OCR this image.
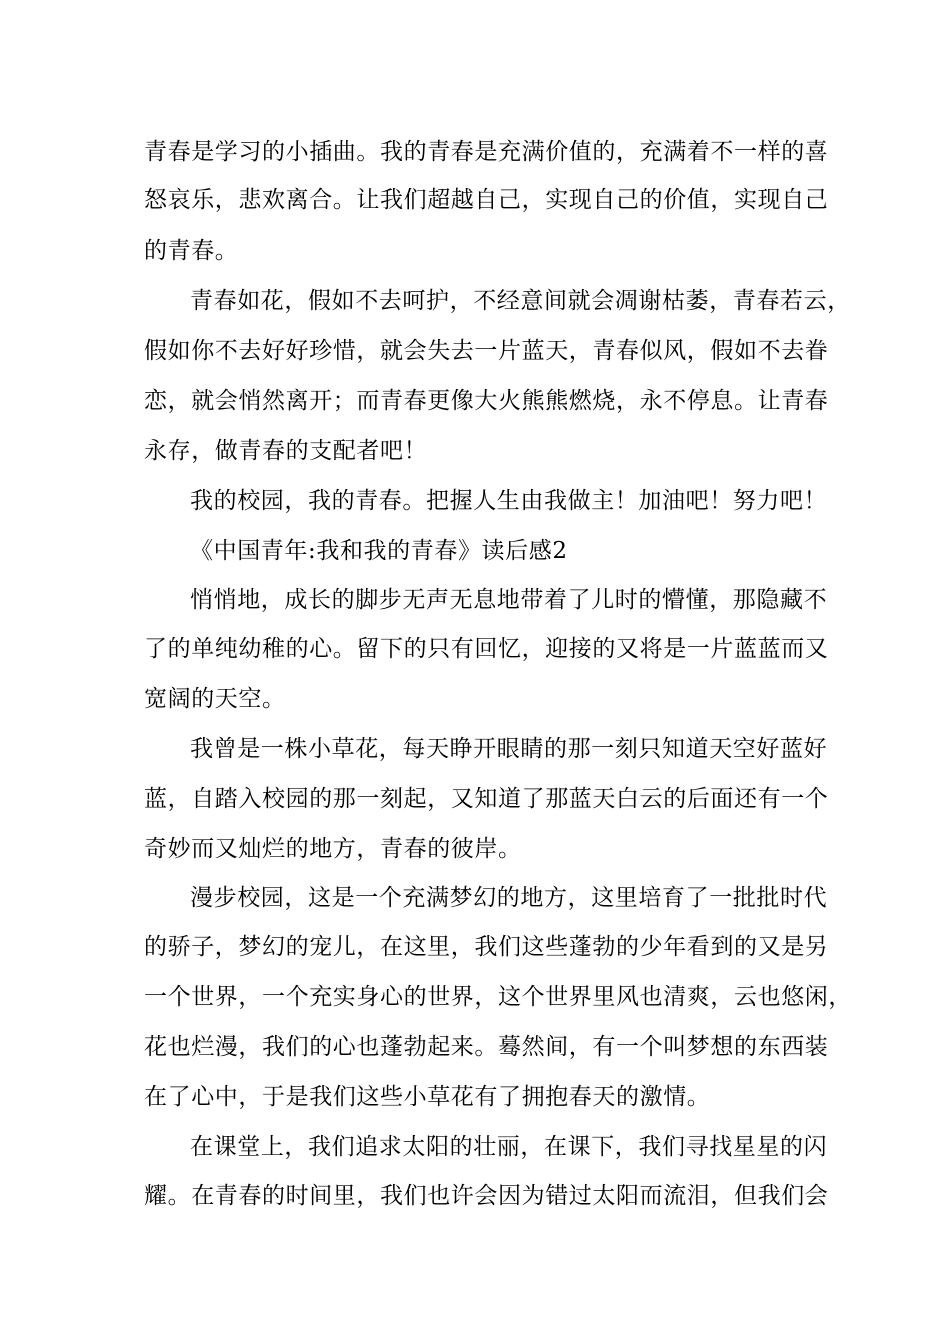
青春是学习的小插曲。我的青春是充满价值的，充满着不一样的喜
怒哀乐，悲欢离合。让我们超越自己，实现自己的价值，实现自己
的青春。
青春如花，假如不去呵护，不经意间就会凋谢枯萎，青春若云，
假如你不去好好珍惜，就会失去一片蓝天，青春似风，假如不去眷
恋，就会悄然离开；而青春更像大火熊熊燃烧，永不停息。让青春
永存，做青春的支配者吧！
我的校园，我的青春。把握人生由我做主！加油吧！努力吧！
《中国青年:我和我的青春》读后感2
悄悄地，成长的脚步无声无息地带着了儿时的懵懂，那隐藏不
了的单纯幼稚的心。留下的只有回忆，迎接的又将是一片蓝蓝而又
宽阔的天空。
我曾是一株小草花，每天睁开眼睛的那一刻只知道天空好蓝好
蓝，自踏入校园的那一刻起，又知道了那蓝天白云的后面还有一个
奇妙而又灿烂的地方，青春的彼岸。
漫步校园，这是一个充满梦幻的地方，这里培育了一批批时代
的骄子，梦幻的宠儿，在这里，我们这些蓬勃的少年看到的又是另
一个世界，一个充实身心的世界，这个世界里风也清爽，云也悠闲，
花也烂漫，我们的心也蓬勃起来。蓦然间，有一个叫梦想的东西装
在了心中，于是我们这些小草花有了拥抱春天的激情。
在课堂上，我们追求太阳的壮丽，在课下，我们寻找星星的闪
耀。在青春的时间里，我们也许会因为错过太阳而流泪，但我们会
